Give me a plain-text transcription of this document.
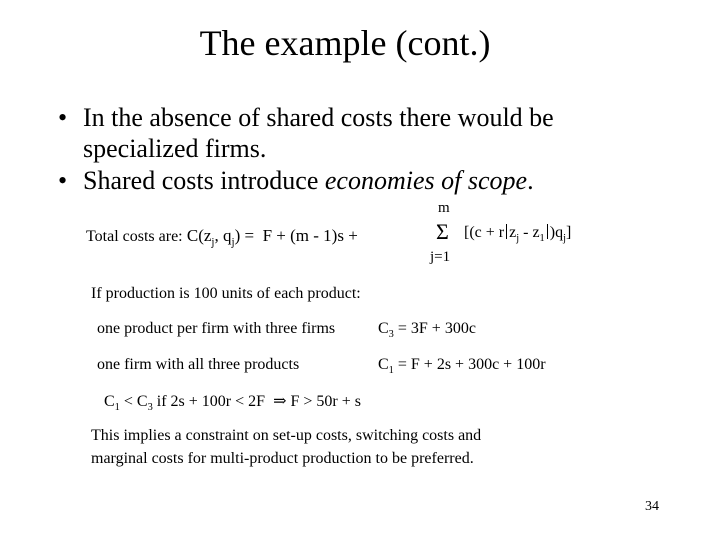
The example (cont.)
• In the absence of shared costs there would be
specialized firms.
• Shared costs introduce economies of scope.
Total costs are: $C(z_j$, $q_j) = F + (m - 1)s$ +
m
Σ
j=1
[(c + r $z_j - z_1$ )$q_j$]
If production is 100 units of each product:
one product per firm with three firms	$C_3 = 3F + 300c$
one firm with all three products	$C_1 = F + 2s + 300c + 100r$
$C_1 < C_3$ if 2s + 100r < 2F ⇒ F > 50r + s
This implies a constraint on set-up costs, switching costs and
marginal costs for multi-product production to be preferred.
34
